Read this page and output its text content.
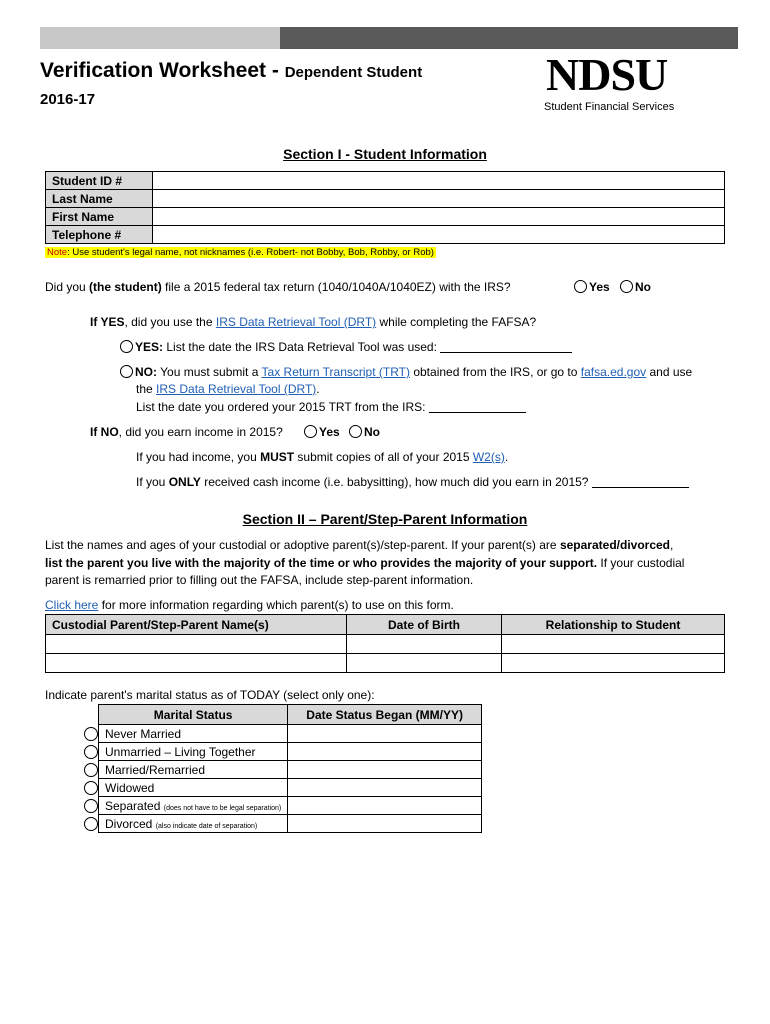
Verification Worksheet - Dependent Student
2016-17	NDSU
Student Financial Services
Section I - Student Information
Student ID #	
Last Name	
First Name	
Telephone #	
Note: Use student's legal name, not nicknames (i.e. Robert- not Bobby, Bob, Robby, or Rob)
Did you (the student) file a 2015 federal tax return (1040/1040A/1040EZ) with the IRS?	Yes	No
If YES, did you use the IRS Data Retrieval Tool (DRT) while completing the FAFSA?
YES: List the date the IRS Data Retrieval Tool was used:
NO: You must submit a Tax Return Transcript (TRT) obtained from the IRS, or go to fafsa.ed.gov and use
the IRS Data Retrieval Tool (DRT).
List the date you ordered your 2015 TRT from the IRS:
If NO, did you earn income in 2015?	Yes	No
If you had income, you MUST submit copies of all of your 2015 W2(s).
If you ONLY received cash income (i.e. babysitting), how much did you earn in 2015?
Section II – Parent/Step-Parent Information
List the names and ages of your custodial or adoptive parent(s)/step-parent. If your parent(s) are separated/divorced,
list the parent you live with the majority of the time or who provides the majority of your support. If your custodial
parent is remarried prior to filling out the FAFSA, include step-parent information.
Click here for more information regarding which parent(s) to use on this form.
Custodial Parent/Step-Parent Name(s)	Date of Birth	Relationship to Student

Indicate parent's marital status as of TODAY (select only one):
Marital Status	Date Status Began (MM/YY)
Never Married	
Unmarried – Living Together	
Married/Remarried	
Widowed	
Separated (does not have to be legal separation)	
Divorced (also indicate date of separation)	
